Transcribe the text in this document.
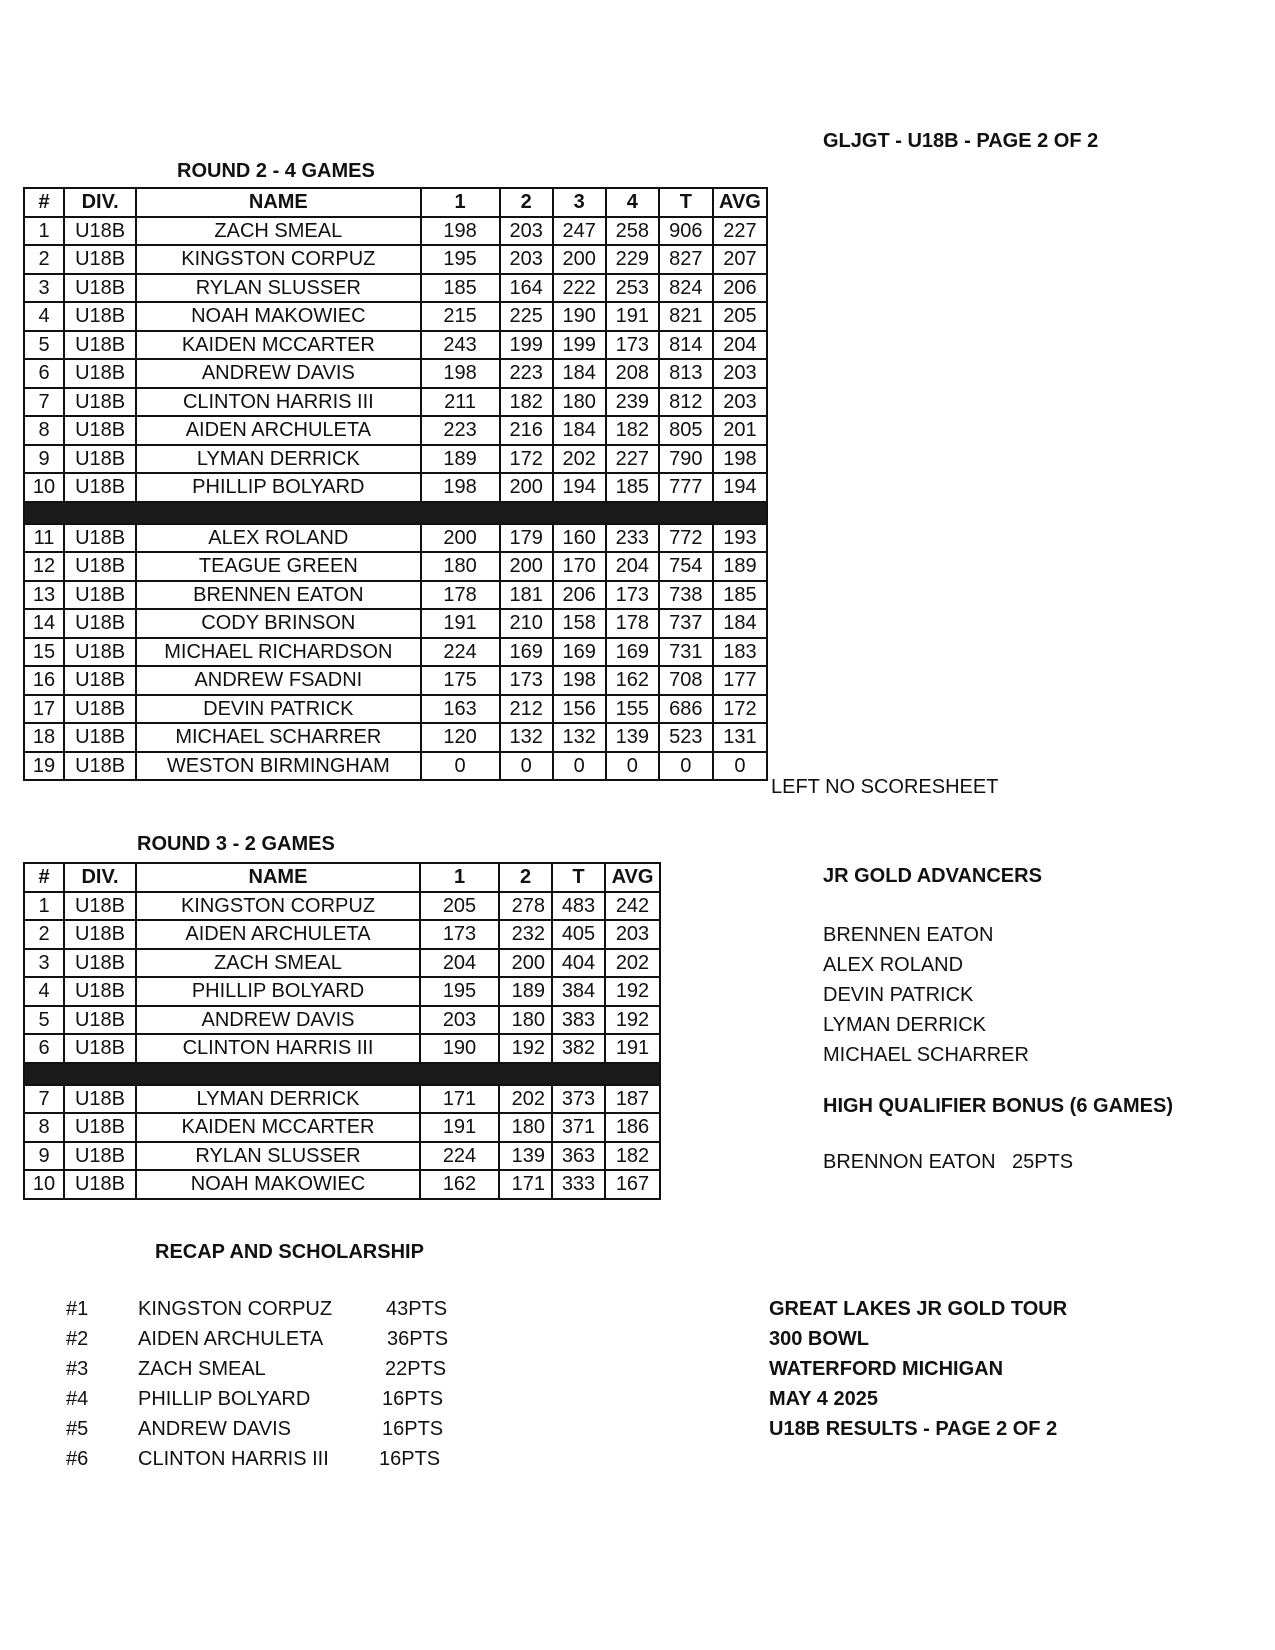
GLJGT - U18B - PAGE 2 OF 2
ROUND 2 - 4 GAMES
#	DIV.	NAME	1	2	3	4	T	AVG
1	U18B	ZACH SMEAL	198	203	247	258	906	227
2	U18B	KINGSTON CORPUZ	195	203	200	229	827	207
3	U18B	RYLAN SLUSSER	185	164	222	253	824	206
4	U18B	NOAH MAKOWIEC	215	225	190	191	821	205
5	U18B	KAIDEN MCCARTER	243	199	199	173	814	204
6	U18B	ANDREW DAVIS	198	223	184	208	813	203
7	U18B	CLINTON HARRIS III	211	182	180	239	812	203
8	U18B	AIDEN ARCHULETA	223	216	184	182	805	201
9	U18B	LYMAN DERRICK	189	172	202	227	790	198
10	U18B	PHILLIP BOLYARD	198	200	194	185	777	194

11	U18B	ALEX ROLAND	200	179	160	233	772	193
12	U18B	TEAGUE GREEN	180	200	170	204	754	189
13	U18B	BRENNEN EATON	178	181	206	173	738	185
14	U18B	CODY BRINSON	191	210	158	178	737	184
15	U18B	MICHAEL RICHARDSON	224	169	169	169	731	183
16	U18B	ANDREW FSADNI	175	173	198	162	708	177
17	U18B	DEVIN PATRICK	163	212	156	155	686	172
18	U18B	MICHAEL SCHARRER	120	132	132	139	523	131
19	U18B	WESTON BIRMINGHAM	0	0	0	0	0	0
LEFT NO SCORESHEET
ROUND 3 - 2 GAMES
#	DIV.	NAME	1	2	T	AVG
1	U18B	KINGSTON CORPUZ	205	278	483	242
2	U18B	AIDEN ARCHULETA	173	232	405	203
3	U18B	ZACH SMEAL	204	200	404	202
4	U18B	PHILLIP BOLYARD	195	189	384	192
5	U18B	ANDREW DAVIS	203	180	383	192
6	U18B	CLINTON HARRIS III	190	192	382	191

7	U18B	LYMAN DERRICK	171	202	373	187
8	U18B	KAIDEN MCCARTER	191	180	371	186
9	U18B	RYLAN SLUSSER	224	139	363	182
10	U18B	NOAH MAKOWIEC	162	171	333	167
JR GOLD ADVANCERS
BRENNEN EATON
ALEX ROLAND
DEVIN PATRICK
LYMAN DERRICK
MICHAEL SCHARRER
HIGH QUALIFIER BONUS (6 GAMES)
BRENNON EATON 25PTS
RECAP AND SCHOLARSHIP
#1 KINGSTON CORPUZ	43PTS
#2 AIDEN ARCHULETA	36PTS
#3 ZACH SMEAL	22PTS
#4 PHILLIP BOLYARD	16PTS
#5 ANDREW DAVIS	16PTS
#6 CLINTON HARRIS III	16PTS
GREAT LAKES JR GOLD TOUR
300 BOWL
WATERFORD MICHIGAN
MAY 4 2025
U18B RESULTS - PAGE 2 OF 2
